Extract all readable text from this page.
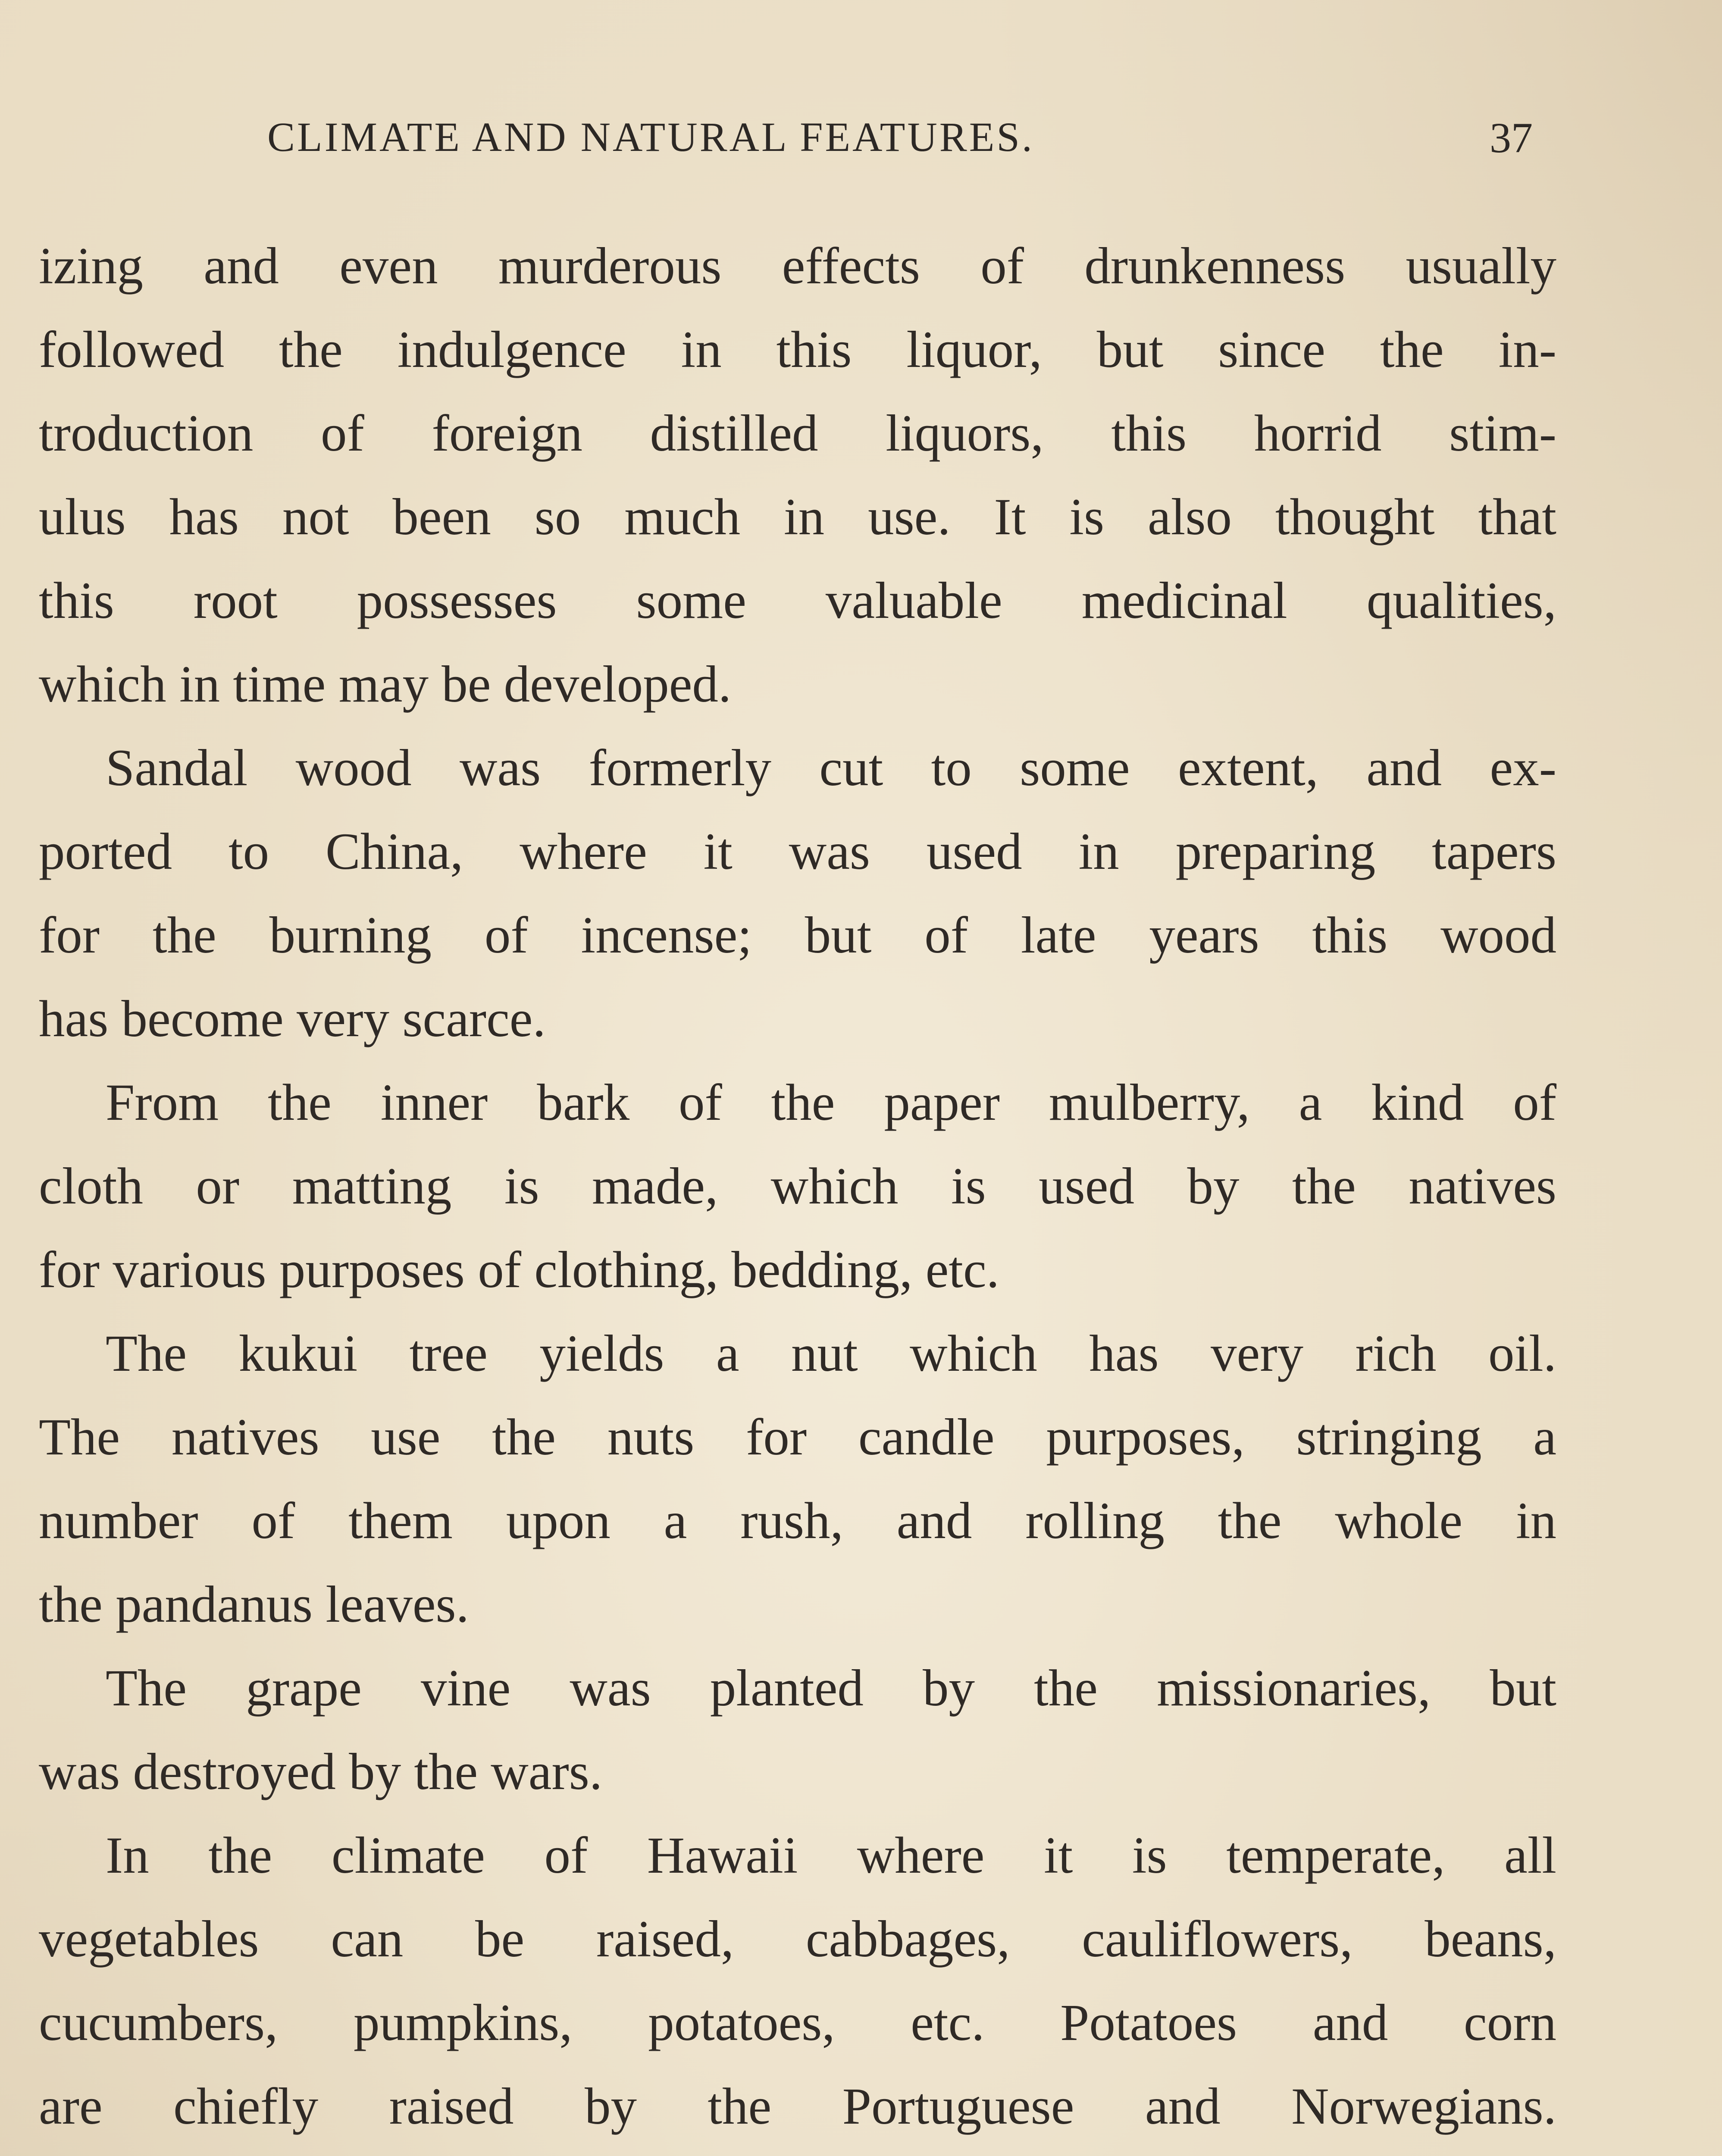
CLIMATE AND NATURAL FEATURES.	37
izing and even murderous effects of drunkenness usually
followed the indulgence in this liquor, but since the in-
troduction of foreign distilled liquors, this horrid stim-
ulus has not been so much in use. It is also thought that
this root possesses some valuable medicinal qualities,
which in time may be developed.
Sandal wood was formerly cut to some extent, and ex-
ported to China, where it was used in preparing tapers
for the burning of incense; but of late years this wood
has become very scarce.
From the inner bark of the paper mulberry, a kind of
cloth or matting is made, which is used by the natives
for various purposes of clothing, bedding, etc.
The kukui tree yields a nut which has very rich oil.
The natives use the nuts for candle purposes, stringing a
number of them upon a rush, and rolling the whole in
the pandanus leaves.
The grape vine was planted by the missionaries, but
was destroyed by the wars.
In the climate of Hawaii where it is temperate, all
vegetables can be raised, cabbages, cauliflowers, beans,
cucumbers, pumpkins, potatoes, etc. Potatoes and corn
are chiefly raised by the Portuguese and Norwegians.
